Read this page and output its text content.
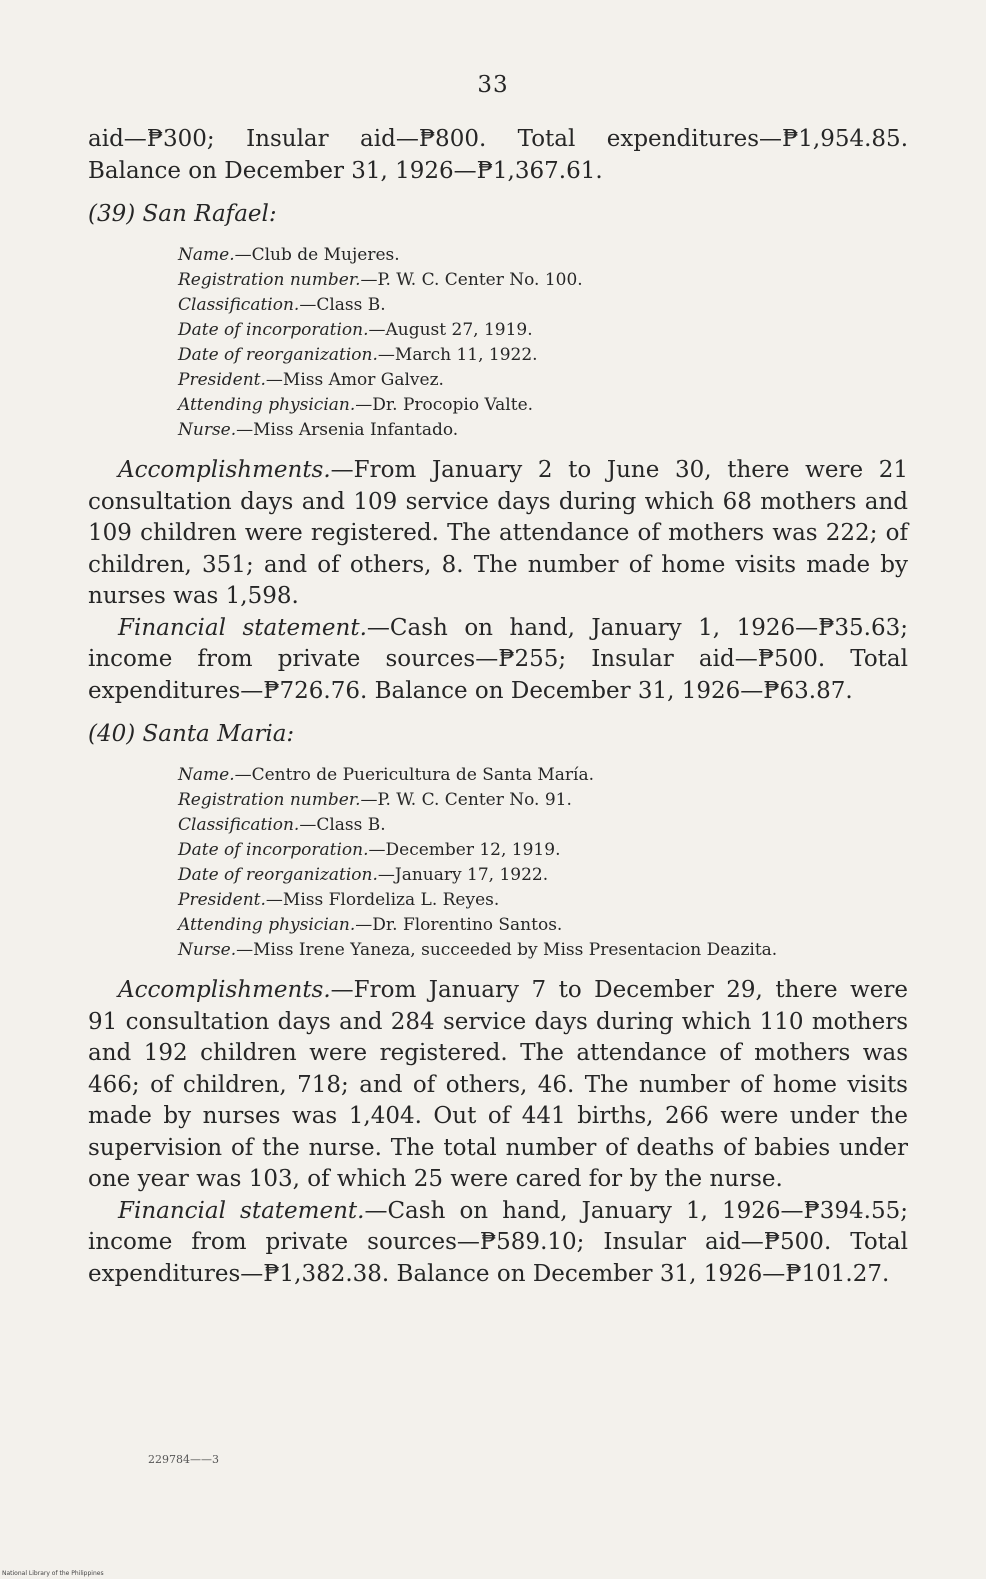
33

aid—₱300; Insular aid—₱800. Total expenditures—₱1,954.85. Balance on December 31, 1926—₱1,367.61.

(39) San Rafael:

Name.—Club de Mujeres.
Registration number.—P. W. C. Center No. 100.
Classification.—Class B.
Date of incorporation.—August 27, 1919.
Date of reorganization.—March 11, 1922.
President.—Miss Amor Galvez.
Attending physician.—Dr. Procopio Valte.
Nurse.—Miss Arsenia Infantado.

Accomplishments.—From January 2 to June 30, there were 21 consultation days and 109 service days during which 68 mothers and 109 children were registered. The attendance of mothers was 222; of children, 351; and of others, 8. The number of home visits made by nurses was 1,598.

Financial statement.—Cash on hand, January 1, 1926—₱35.63; income from private sources—₱255; Insular aid—₱500. Total expenditures—₱726.76. Balance on December 31, 1926—₱63.87.

(40) Santa Maria:

Name.—Centro de Puericultura de Santa María.
Registration number.—P. W. C. Center No. 91.
Classification.—Class B.
Date of incorporation.—December 12, 1919.
Date of reorganization.—January 17, 1922.
President.—Miss Flordeliza L. Reyes.
Attending physician.—Dr. Florentino Santos.
Nurse.—Miss Irene Yaneza, succeeded by Miss Presentacion Deazita.

Accomplishments.—From January 7 to December 29, there were 91 consultation days and 284 service days during which 110 mothers and 192 children were registered. The attendance of mothers was 466; of children, 718; and of others, 46. The number of home visits made by nurses was 1,404. Out of 441 births, 266 were under the supervision of the nurse. The total number of deaths of babies under one year was 103, of which 25 were cared for by the nurse.

Financial statement.—Cash on hand, January 1, 1926—₱394.55; income from private sources—₱589.10; Insular aid—₱500. Total expenditures—₱1,382.38. Balance on December 31, 1926—₱101.27.

229784——3
National Library of the Philippines
